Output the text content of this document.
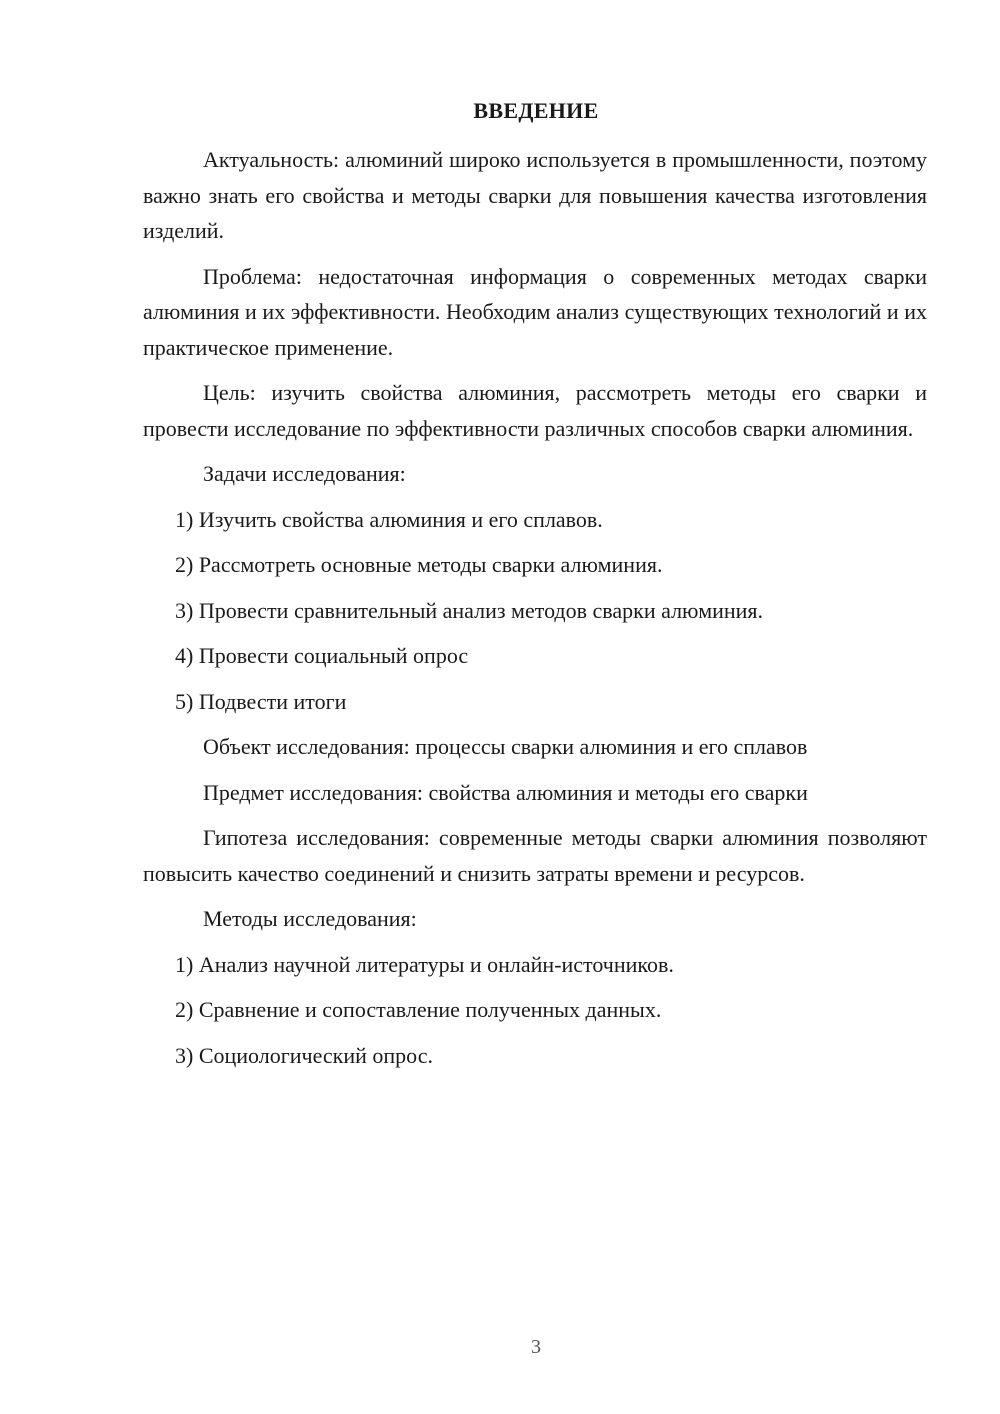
ВВЕДЕНИЕ

Актуальность: алюминий широко используется в промышленности, поэтому важно знать его свойства и методы сварки для повышения качества изготовления изделий.

Проблема: недостаточная информация о современных методах сварки алюминия и их эффективности. Необходим анализ существующих технологий и их практическое применение.

Цель: изучить свойства алюминия, рассмотреть методы его сварки и провести исследование по эффективности различных способов сварки алюминия.

Задачи исследования:

1) Изучить свойства алюминия и его сплавов.
2) Рассмотреть основные методы сварки алюминия.
3) Провести сравнительный анализ методов сварки алюминия.
4) Провести социальный опрос
5) Подвести итоги

Объект исследования: процессы сварки алюминия и его сплавов

Предмет исследования: свойства алюминия и методы его сварки

Гипотеза исследования: современные методы сварки алюминия позволяют повысить качество соединений и снизить затраты времени и ресурсов.

Методы исследования:

1) Анализ научной литературы и онлайн-источников.
2) Сравнение и сопоставление полученных данных.
3) Социологический опрос.
3
